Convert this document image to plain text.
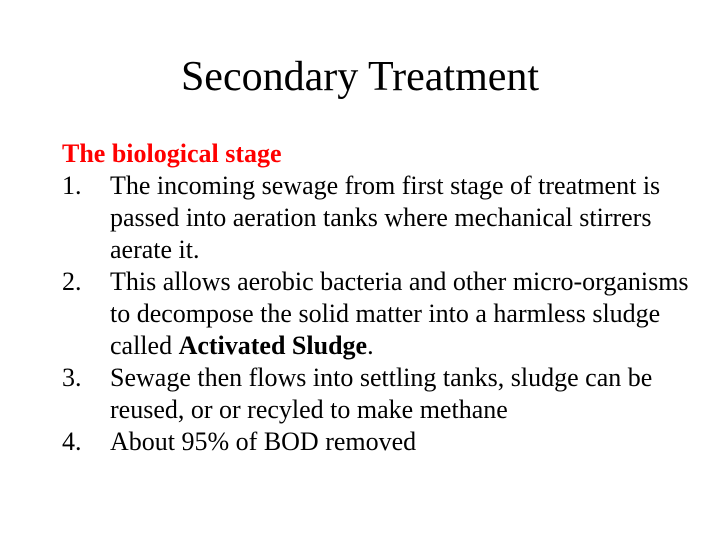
Secondary Treatment
The biological stage
1.	The incoming sewage from first stage of treatment is passed into aeration tanks where mechanical stirrers aerate it.
2.	This allows aerobic bacteria and other micro-organisms to decompose the solid matter into a harmless sludge called Activated Sludge.
3.	Sewage then flows into settling tanks, sludge can be reused, or or recyled to make methane
4.	About 95% of BOD removed
